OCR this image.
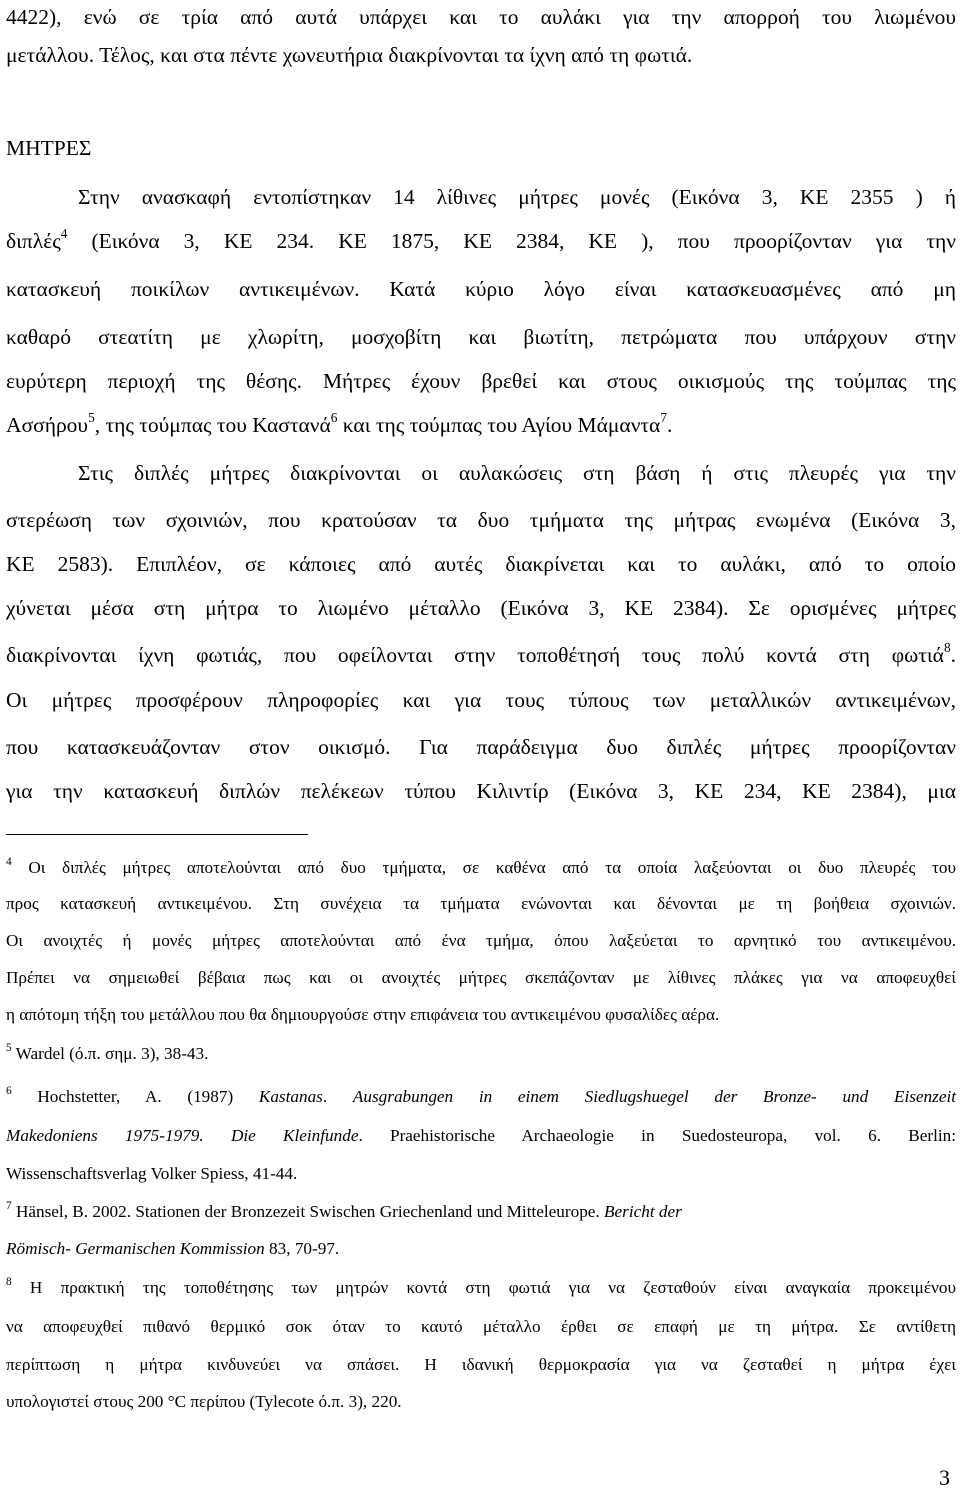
4422), ενώ σε τρία από αυτά υπάρχει και το αυλάκι για την απορροή του λιωμένου
μετάλλου. Τέλος, και στα πέντε χωνευτήρια διακρίνονται τα ίχνη από τη φωτιά.
ΜΗΤΡΕΣ
Στην ανασκαφή εντοπίστηκαν 14 λίθινες μήτρες μονές (Εικόνα 3, ΚΕ 2355 ) ή
διπλές$^4$ (Εικόνα 3, ΚΕ 234. ΚΕ 1875, ΚΕ 2384, ΚΕ ), που προορίζονταν για την
κατασκευή ποικίλων αντικειμένων. Κατά κύριο λόγο είναι κατασκευασμένες από μη
καθαρό στεατίτη με χλωρίτη, μοσχοβίτη και βιωτίτη, πετρώματα που υπάρχουν στην
ευρύτερη περιοχή της θέσης. Μήτρες έχουν βρεθεί και στους οικισμούς της τούμπας της
Ασσήρου$^5$, της τούμπας του Καστανά$^6$ και της τούμπας του Αγίου Μάμαντα$^7$.
Στις διπλές μήτρες διακρίνονται οι αυλακώσεις στη βάση ή στις πλευρές για την
στερέωση των σχοινιών, που κρατούσαν τα δυο τμήματα της μήτρας ενωμένα (Εικόνα 3,
ΚΕ 2583). Επιπλέον, σε κάποιες από αυτές διακρίνεται και το αυλάκι, από το οποίο
χύνεται μέσα στη μήτρα το λιωμένο μέταλλο (Εικόνα 3, ΚΕ 2384). Σε ορισμένες μήτρες
διακρίνονται ίχνη φωτιάς, που οφείλονται στην τοποθέτησή τους πολύ κοντά στη φωτιά$^8$.
Οι μήτρες προσφέρουν πληροφορίες και για τους τύπους των μεταλλικών αντικειμένων,
που κατασκευάζονταν στον οικισμό. Για παράδειγμα δυο διπλές μήτρες προορίζονταν
για την κατασκευή διπλών πελέκεων τύπου Κιλιντίρ (Εικόνα 3, ΚΕ 234, ΚΕ 2384), μια
$^4$ Οι διπλές μήτρες αποτελούνται από δυο τμήματα, σε καθένα από τα οποία λαξεύονται οι δυο πλευρές του
προς κατασκευή αντικειμένου. Στη συνέχεια τα τμήματα ενώνονται και δένονται με τη βοήθεια σχοινιών.
Οι ανοιχτές ή μονές μήτρες αποτελούνται από ένα τμήμα, όπου λαξεύεται το αρνητικό του αντικειμένου.
Πρέπει να σημειωθεί βέβαια πως και οι ανοιχτές μήτρες σκεπάζονταν με λίθινες πλάκες για να αποφευχθεί
η απότομη τήξη του μετάλλου που θα δημιουργούσε στην επιφάνεια του αντικειμένου φυσαλίδες αέρα.
$^5$ Wardel (ό.π. σημ. 3), 38-43.
$^6$ Hochstetter, A. (1987) Kastanas. Ausgrabungen in einem Siedlugshuegel der Bronze- und Eisenzeit
Makedoniens 1975-1979. Die Kleinfunde. Praehistorische Archaeologie in Suedosteuropa, vol. 6. Berlin:
Wissenschaftsverlag Volker Spiess, 41-44.
$^7$ Hänsel, B. 2002. Stationen der Bronzezeit Swischen Griechenland und Mitteleurope. Bericht der
Römisch- Germanischen Kommission 83, 70-97.
$^8$ Η πρακτική της τοποθέτησης των μητρών κοντά στη φωτιά για να ζεσταθούν είναι αναγκαία προκειμένου
να αποφευχθεί πιθανό θερμικό σοκ όταν το καυτό μέταλλο έρθει σε επαφή με τη μήτρα. Σε αντίθετη
περίπτωση η μήτρα κινδυνεύει να σπάσει. Η ιδανική θερμοκρασία για να ζεσταθεί η μήτρα έχει
υπολογιστεί στους 200 °C περίπου (Tylecote ό.π. 3), 220.
3
